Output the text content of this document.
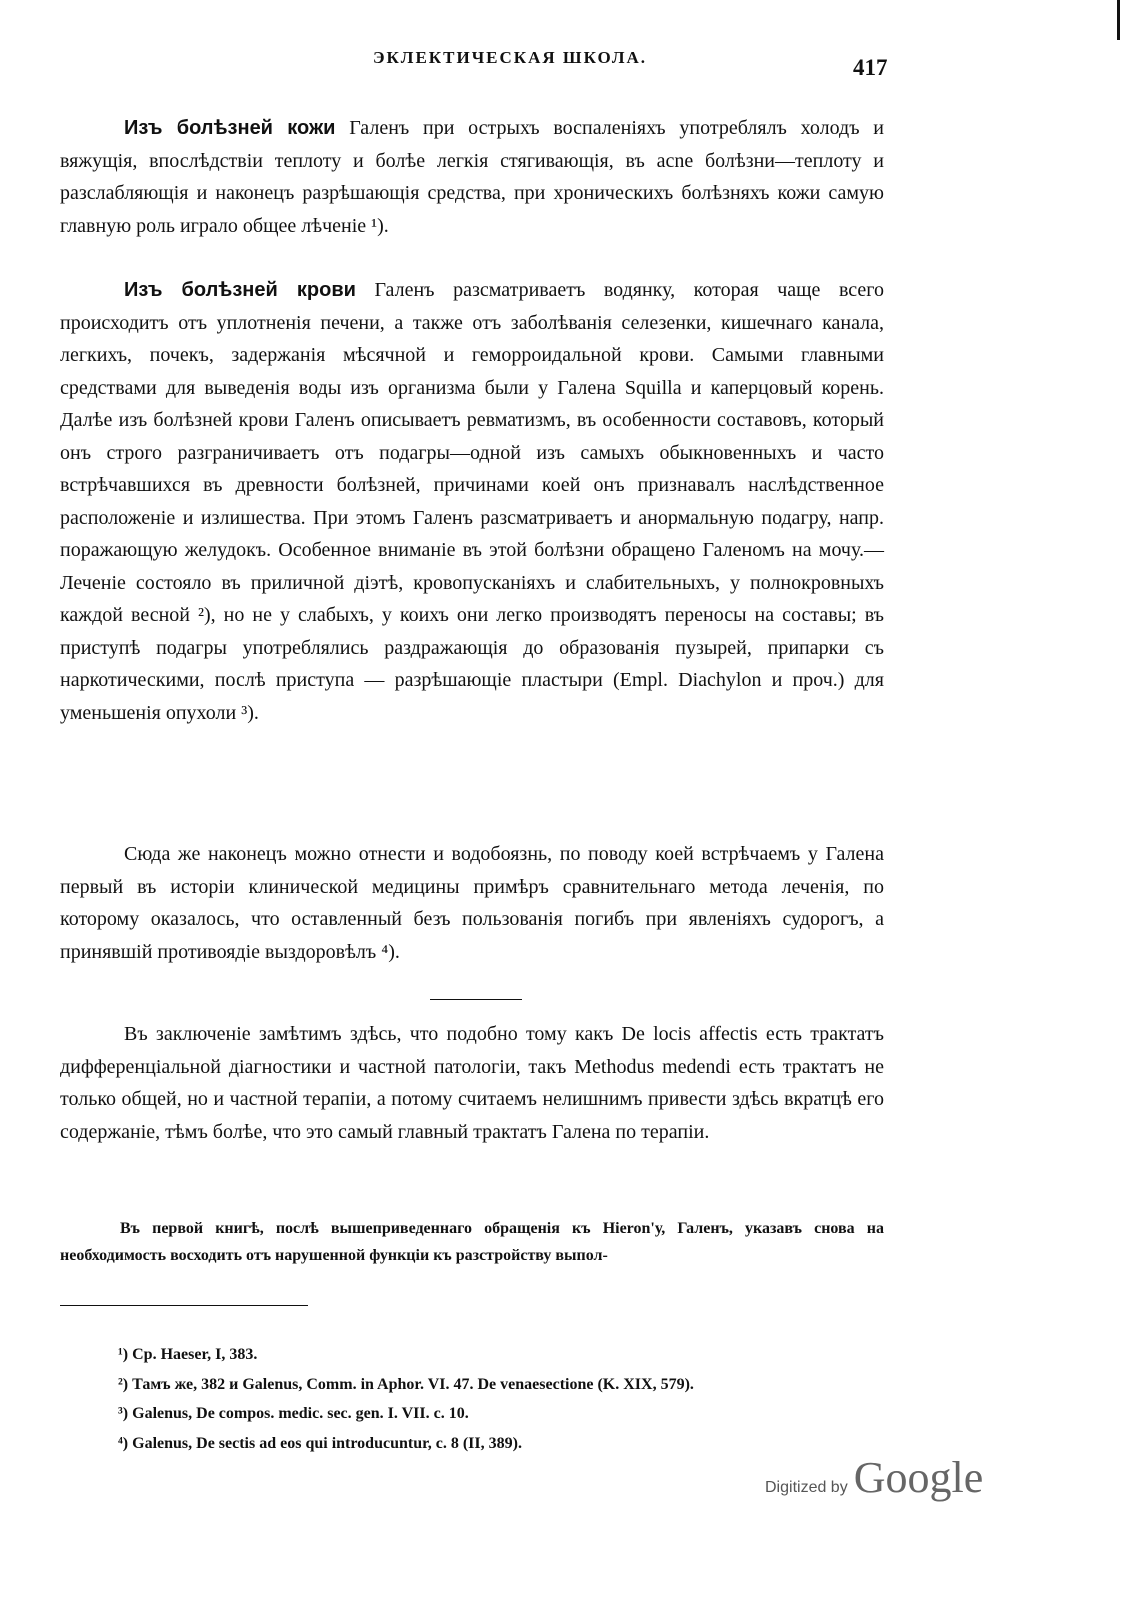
ЭКЛЕКТИЧЕСКАЯ ШКОЛА.	417

Изъ болѣзней кожи Галенъ при острыхъ воспаленіяхъ употреблялъ холодъ и вяжущія, впослѣдствіи теплоту и болѣе легкія стягивающія, въ acne болѣзни—теплоту и разслабляющія и наконецъ разрѣшающія средства, при хроническихъ болѣзняхъ кожи самую главную роль играло общее лѣченіе ¹).

Изъ болѣзней крови Галенъ разсматриваетъ водянку, которая чаще всего происходитъ отъ уплотненія печени, а также отъ заболѣванія селезенки, кишечнаго канала, легкихъ, почекъ, задержанія мѣсячной и геморроидальной крови. Самыми главными средствами для выведенія воды изъ организма были у Галена Squilla и каперцовый корень. Далѣе изъ болѣзней крови Галенъ описываетъ ревматизмъ, въ особенности составовъ, который онъ строго разграничиваетъ отъ подагры—одной изъ самыхъ обыкновенныхъ и часто встрѣчавшихся въ древности болѣзней, причинами коей онъ признавалъ наслѣдственное расположеніе и излишества. При этомъ Галенъ разсматриваетъ и анормальную подагру, напр. поражающую желудокъ. Особенное вниманіе въ этой болѣзни обращено Галеномъ на мочу.—Леченіе состояло въ приличной діэтѣ, кровопусканіяхъ и слабительныхъ, у полнокровныхъ каждой весной ²), но не у слабыхъ, у коихъ они легко производятъ переносы на составы; въ приступѣ подагры употреблялись раздражающія до образованія пузырей, припарки съ наркотическими, послѣ приступа — разрѣшающіе пластыри (Empl. Diachylon и проч.) для уменьшенія опухоли ³).

Сюда же наконецъ можно отнести и водобоязнь, по поводу коей встрѣчаемъ у Галена первый въ исторіи клинической медицины примѣръ сравнительнаго метода леченія, по которому оказалось, что оставленный безъ пользованія погибъ при явленіяхъ судорогъ, а принявшій противоядіе выздоровѣлъ ⁴).

Въ заключеніе замѣтимъ здѣсь, что подобно тому какъ De locis affectis есть трактатъ дифференціальной діагностики и частной патологіи, такъ Methodus medendi есть трактатъ не только общей, но и частной терапіи, а потому считаемъ нелишнимъ привести здѣсь вкратцѣ его содержаніе, тѣмъ болѣе, что это самый главный трактатъ Галена по терапіи.

Въ первой книгѣ, послѣ вышеприведеннаго обращенія къ Hieron'у, Галенъ, указавъ снова на необходимость восходить отъ нарушенной функціи къ разстройству выпол-

¹) Ср. Haeser, I, 383.
²) Тамъ же, 382 и Galenus, Comm. in Aphor. VI. 47. De venaesectione (K. XIX, 579).
³) Galenus, De compos. medic. sec. gen. I. VII. c. 10.
⁴) Galenus, De sectis ad eos qui introducuntur, c. 8 (II, 389).
Digitized by Google
